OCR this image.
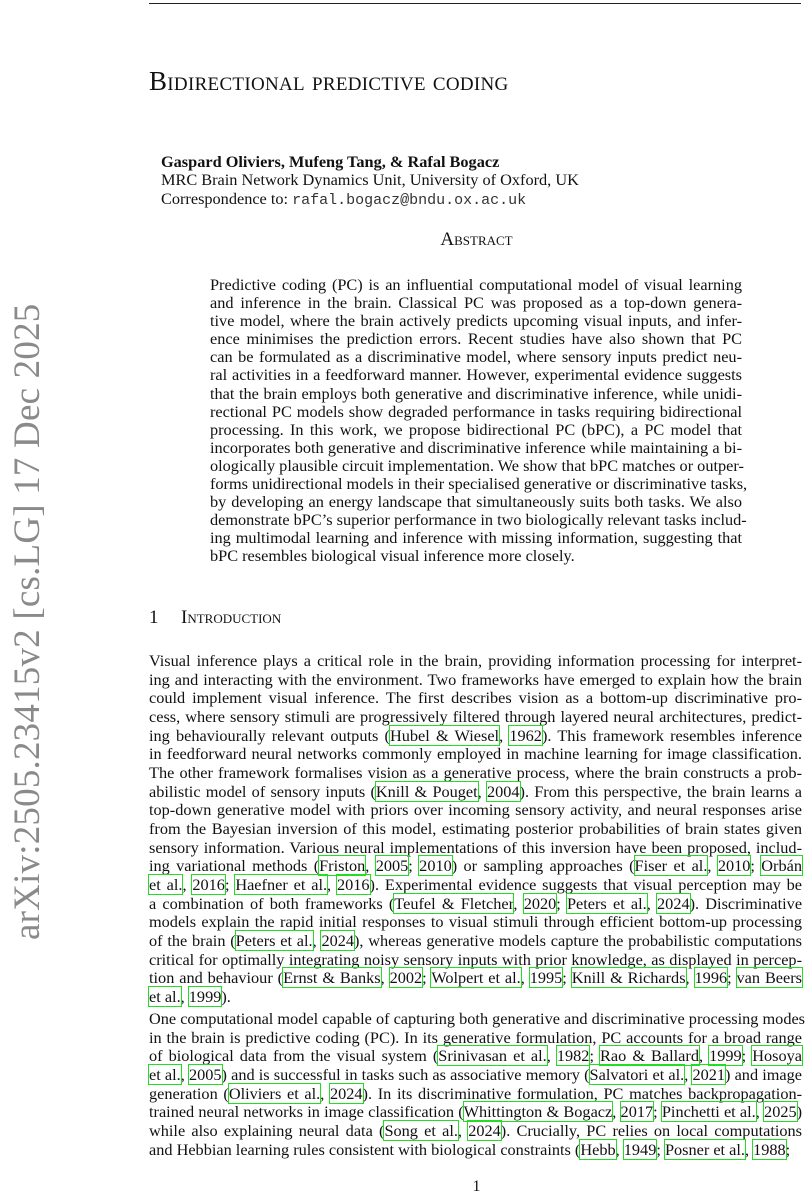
arXiv:2505.23415v2 [cs.LG] 17 Dec 2025
Bidirectional predictive coding
Gaspard Oliviers, Mufeng Tang, & Rafal Bogacz
MRC Brain Network Dynamics Unit, University of Oxford, UK
Correspondence to: rafal.bogacz@bndu.ox.ac.uk
Abstract
Predictive coding (PC) is an influential computational model of visual learning
and inference in the brain. Classical PC was proposed as a top-down genera-
tive model, where the brain actively predicts upcoming visual inputs, and infer-
ence minimises the prediction errors. Recent studies have also shown that PC
can be formulated as a discriminative model, where sensory inputs predict neu-
ral activities in a feedforward manner. However, experimental evidence suggests
that the brain employs both generative and discriminative inference, while unidi-
rectional PC models show degraded performance in tasks requiring bidirectional
processing. In this work, we propose bidirectional PC (bPC), a PC model that
incorporates both generative and discriminative inference while maintaining a bi-
ologically plausible circuit implementation. We show that bPC matches or outper-
forms unidirectional models in their specialised generative or discriminative tasks,
by developing an energy landscape that simultaneously suits both tasks. We also
demonstrate bPC’s superior performance in two biologically relevant tasks includ-
ing multimodal learning and inference with missing information, suggesting that
bPC resembles biological visual inference more closely.
1 Introduction
Visual inference plays a critical role in the brain, providing information processing for interpret-
ing and interacting with the environment. Two frameworks have emerged to explain how the brain
could implement visual inference. The first describes vision as a bottom-up discriminative pro-
cess, where sensory stimuli are progressively filtered through layered neural architectures, predict-
ing behaviourally relevant outputs (Hubel & Wiesel, 1962). This framework resembles inference
in feedforward neural networks commonly employed in machine learning for image classification.
The other framework formalises vision as a generative process, where the brain constructs a prob-
abilistic model of sensory inputs (Knill & Pouget, 2004). From this perspective, the brain learns a
top-down generative model with priors over incoming sensory activity, and neural responses arise
from the Bayesian inversion of this model, estimating posterior probabilities of brain states given
sensory information. Various neural implementations of this inversion have been proposed, includ-
ing variational methods (Friston, 2005; 2010) or sampling approaches (Fiser et al., 2010; Orbán
et al., 2016; Haefner et al., 2016). Experimental evidence suggests that visual perception may be
a combination of both frameworks (Teufel & Fletcher, 2020; Peters et al., 2024). Discriminative
models explain the rapid initial responses to visual stimuli through efficient bottom-up processing
of the brain (Peters et al., 2024), whereas generative models capture the probabilistic computations
critical for optimally integrating noisy sensory inputs with prior knowledge, as displayed in percep-
tion and behaviour (Ernst & Banks, 2002; Wolpert et al., 1995; Knill & Richards, 1996; van Beers
et al., 1999).
One computational model capable of capturing both generative and discriminative processing modes
in the brain is predictive coding (PC). In its generative formulation, PC accounts for a broad range
of biological data from the visual system (Srinivasan et al., 1982; Rao & Ballard, 1999; Hosoya
et al., 2005) and is successful in tasks such as associative memory (Salvatori et al., 2021) and image
generation (Oliviers et al., 2024). In its discriminative formulation, PC matches backpropagation-
trained neural networks in image classification (Whittington & Bogacz, 2017; Pinchetti et al., 2025)
while also explaining neural data (Song et al., 2024). Crucially, PC relies on local computations
and Hebbian learning rules consistent with biological constraints (Hebb, 1949; Posner et al., 1988;
1
